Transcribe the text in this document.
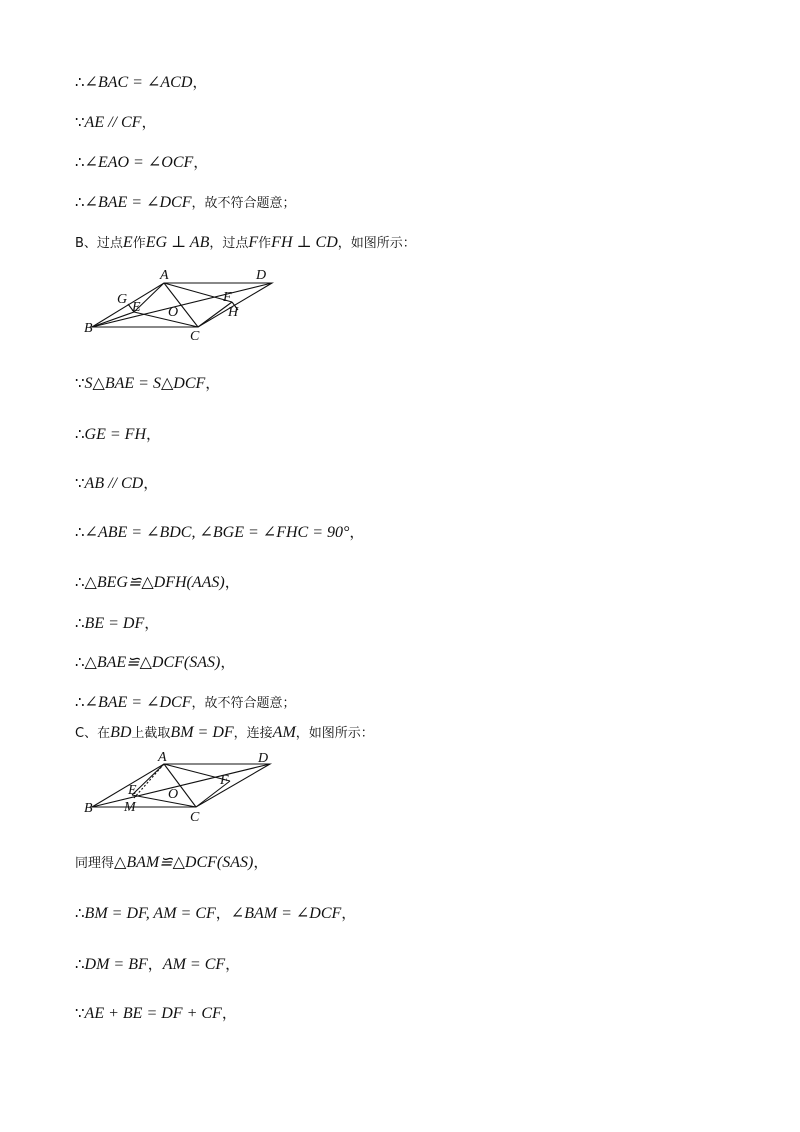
∴∠BAC = ∠ACD，
∵AE // CF，
∴∠EAO = ∠OCF，
∴∠BAE = ∠DCF，故不符合题意；
B、过点E作EG ⊥ AB，过点F作FH ⊥ CD，如图所示：
A	D
G
E O
F
H
B
C
∵S△BAE = S△DCF，
∴GE = FH，
∵AB // CD，
∴∠ABE = ∠BDC, ∠BGE = ∠FHC = 90°，
∴△BEG≌△DFH(AAS)，
∴BE = DF，
∴△BAE≌△DCF(SAS)，
∴∠BAE = ∠DCF，故不符合题意；
C、在BD上截取BM = DF，连接AM，如图所示：
A	D
E O
F
B M
C
同理得△BAM≌△DCF(SAS)，
∴BM = DF, AM = CF，∠BAM = ∠DCF，
∴DM = BF，AM = CF，
∵AE + BE = DF + CF，
